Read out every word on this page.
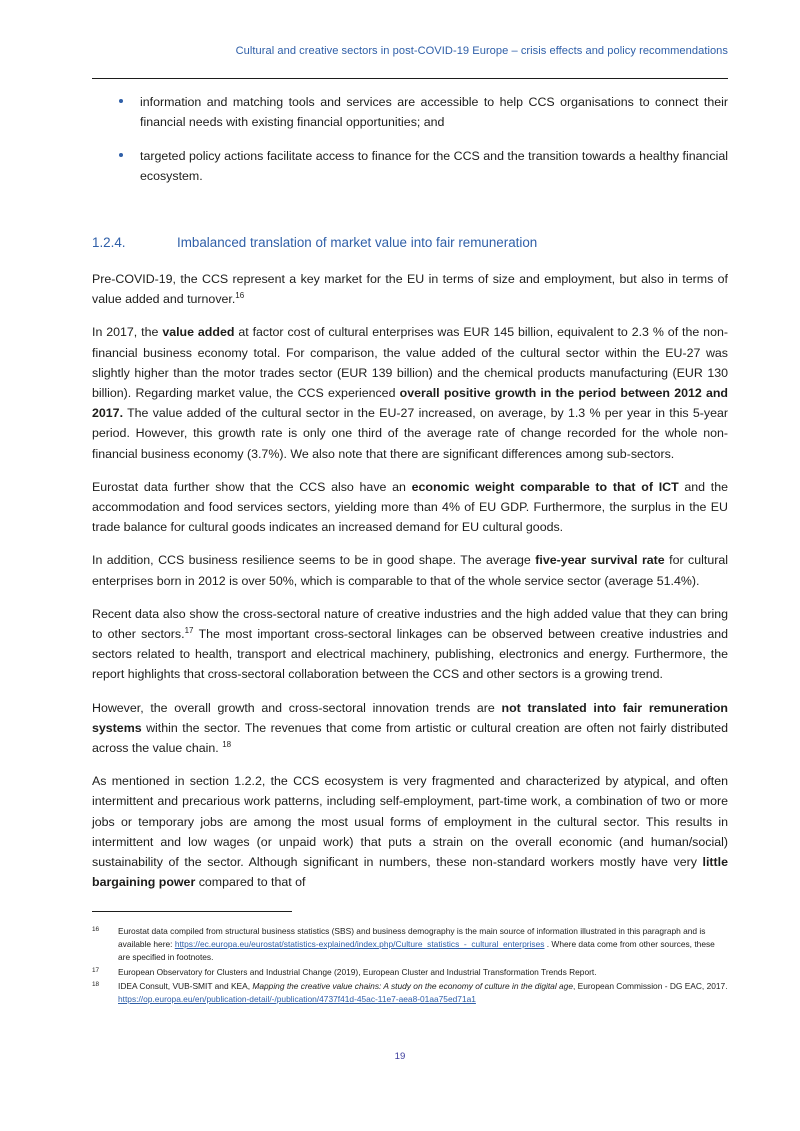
Cultural and creative sectors in post-COVID-19 Europe – crisis effects and policy recommendations
information and matching tools and services are accessible to help CCS organisations to connect their financial needs with existing financial opportunities; and
targeted policy actions facilitate access to finance for the CCS and the transition towards a healthy financial ecosystem.
1.2.4.	Imbalanced translation of market value into fair remuneration

Pre-COVID-19, the CCS represent a key market for the EU in terms of size and employment, but also in terms of value added and turnover.$^{16}$

In 2017, the value added at factor cost of cultural enterprises was EUR 145 billion, equivalent to 2.3 % of the non-financial business economy total. For comparison, the value added of the cultural sector within the EU-27 was slightly higher than the motor trades sector (EUR 139 billion) and the chemical products manufacturing (EUR 130 billion). Regarding market value, the CCS experienced overall positive growth in the period between 2012 and 2017. The value added of the cultural sector in the EU-27 increased, on average, by 1.3 % per year in this 5-year period. However, this growth rate is only one third of the average rate of change recorded for the whole non-financial business economy (3.7%). We also note that there are significant differences among sub-sectors.

Eurostat data further show that the CCS also have an economic weight comparable to that of ICT and the accommodation and food services sectors, yielding more than 4% of EU GDP. Furthermore, the surplus in the EU trade balance for cultural goods indicates an increased demand for EU cultural goods.

In addition, CCS business resilience seems to be in good shape. The average five-year survival rate for cultural enterprises born in 2012 is over 50%, which is comparable to that of the whole service sector (average 51.4%).

Recent data also show the cross-sectoral nature of creative industries and the high added value that they can bring to other sectors.$^{17}$ The most important cross-sectoral linkages can be observed between creative industries and sectors related to health, transport and electrical machinery, publishing, electronics and energy. Furthermore, the report highlights that cross-sectoral collaboration between the CCS and other sectors is a growing trend.

However, the overall growth and cross-sectoral innovation trends are not translated into fair remuneration systems within the sector. The revenues that come from artistic or cultural creation are often not fairly distributed across the value chain. $^{18}$

As mentioned in section 1.2.2, the CCS ecosystem is very fragmented and characterized by atypical, and often intermittent and precarious work patterns, including self-employment, part-time work, a combination of two or more jobs or temporary jobs are among the most usual forms of employment in the cultural sector. This results in intermittent and low wages (or unpaid work) that puts a strain on the overall economic (and human/social) sustainability of the sector. Although significant in numbers, these non-standard workers mostly have very little bargaining power compared to that of

16 Eurostat data compiled from structural business statistics (SBS) and business demography is the main source of information illustrated in this paragraph and is available here: https://ec.europa.eu/eurostat/statistics-explained/index.php/Culture_statistics_-_cultural_enterprises . Where data come from other sources, these are specified in footnotes.
17 European Observatory for Clusters and Industrial Change (2019), European Cluster and Industrial Transformation Trends Report.
18 IDEA Consult, VUB-SMIT and KEA, Mapping the creative value chains: A study on the economy of culture in the digital age, European Commission - DG EAC, 2017. https://op.europa.eu/en/publication-detail/-/publication/4737f41d-45ac-11e7-aea8-01aa75ed71a1
19
